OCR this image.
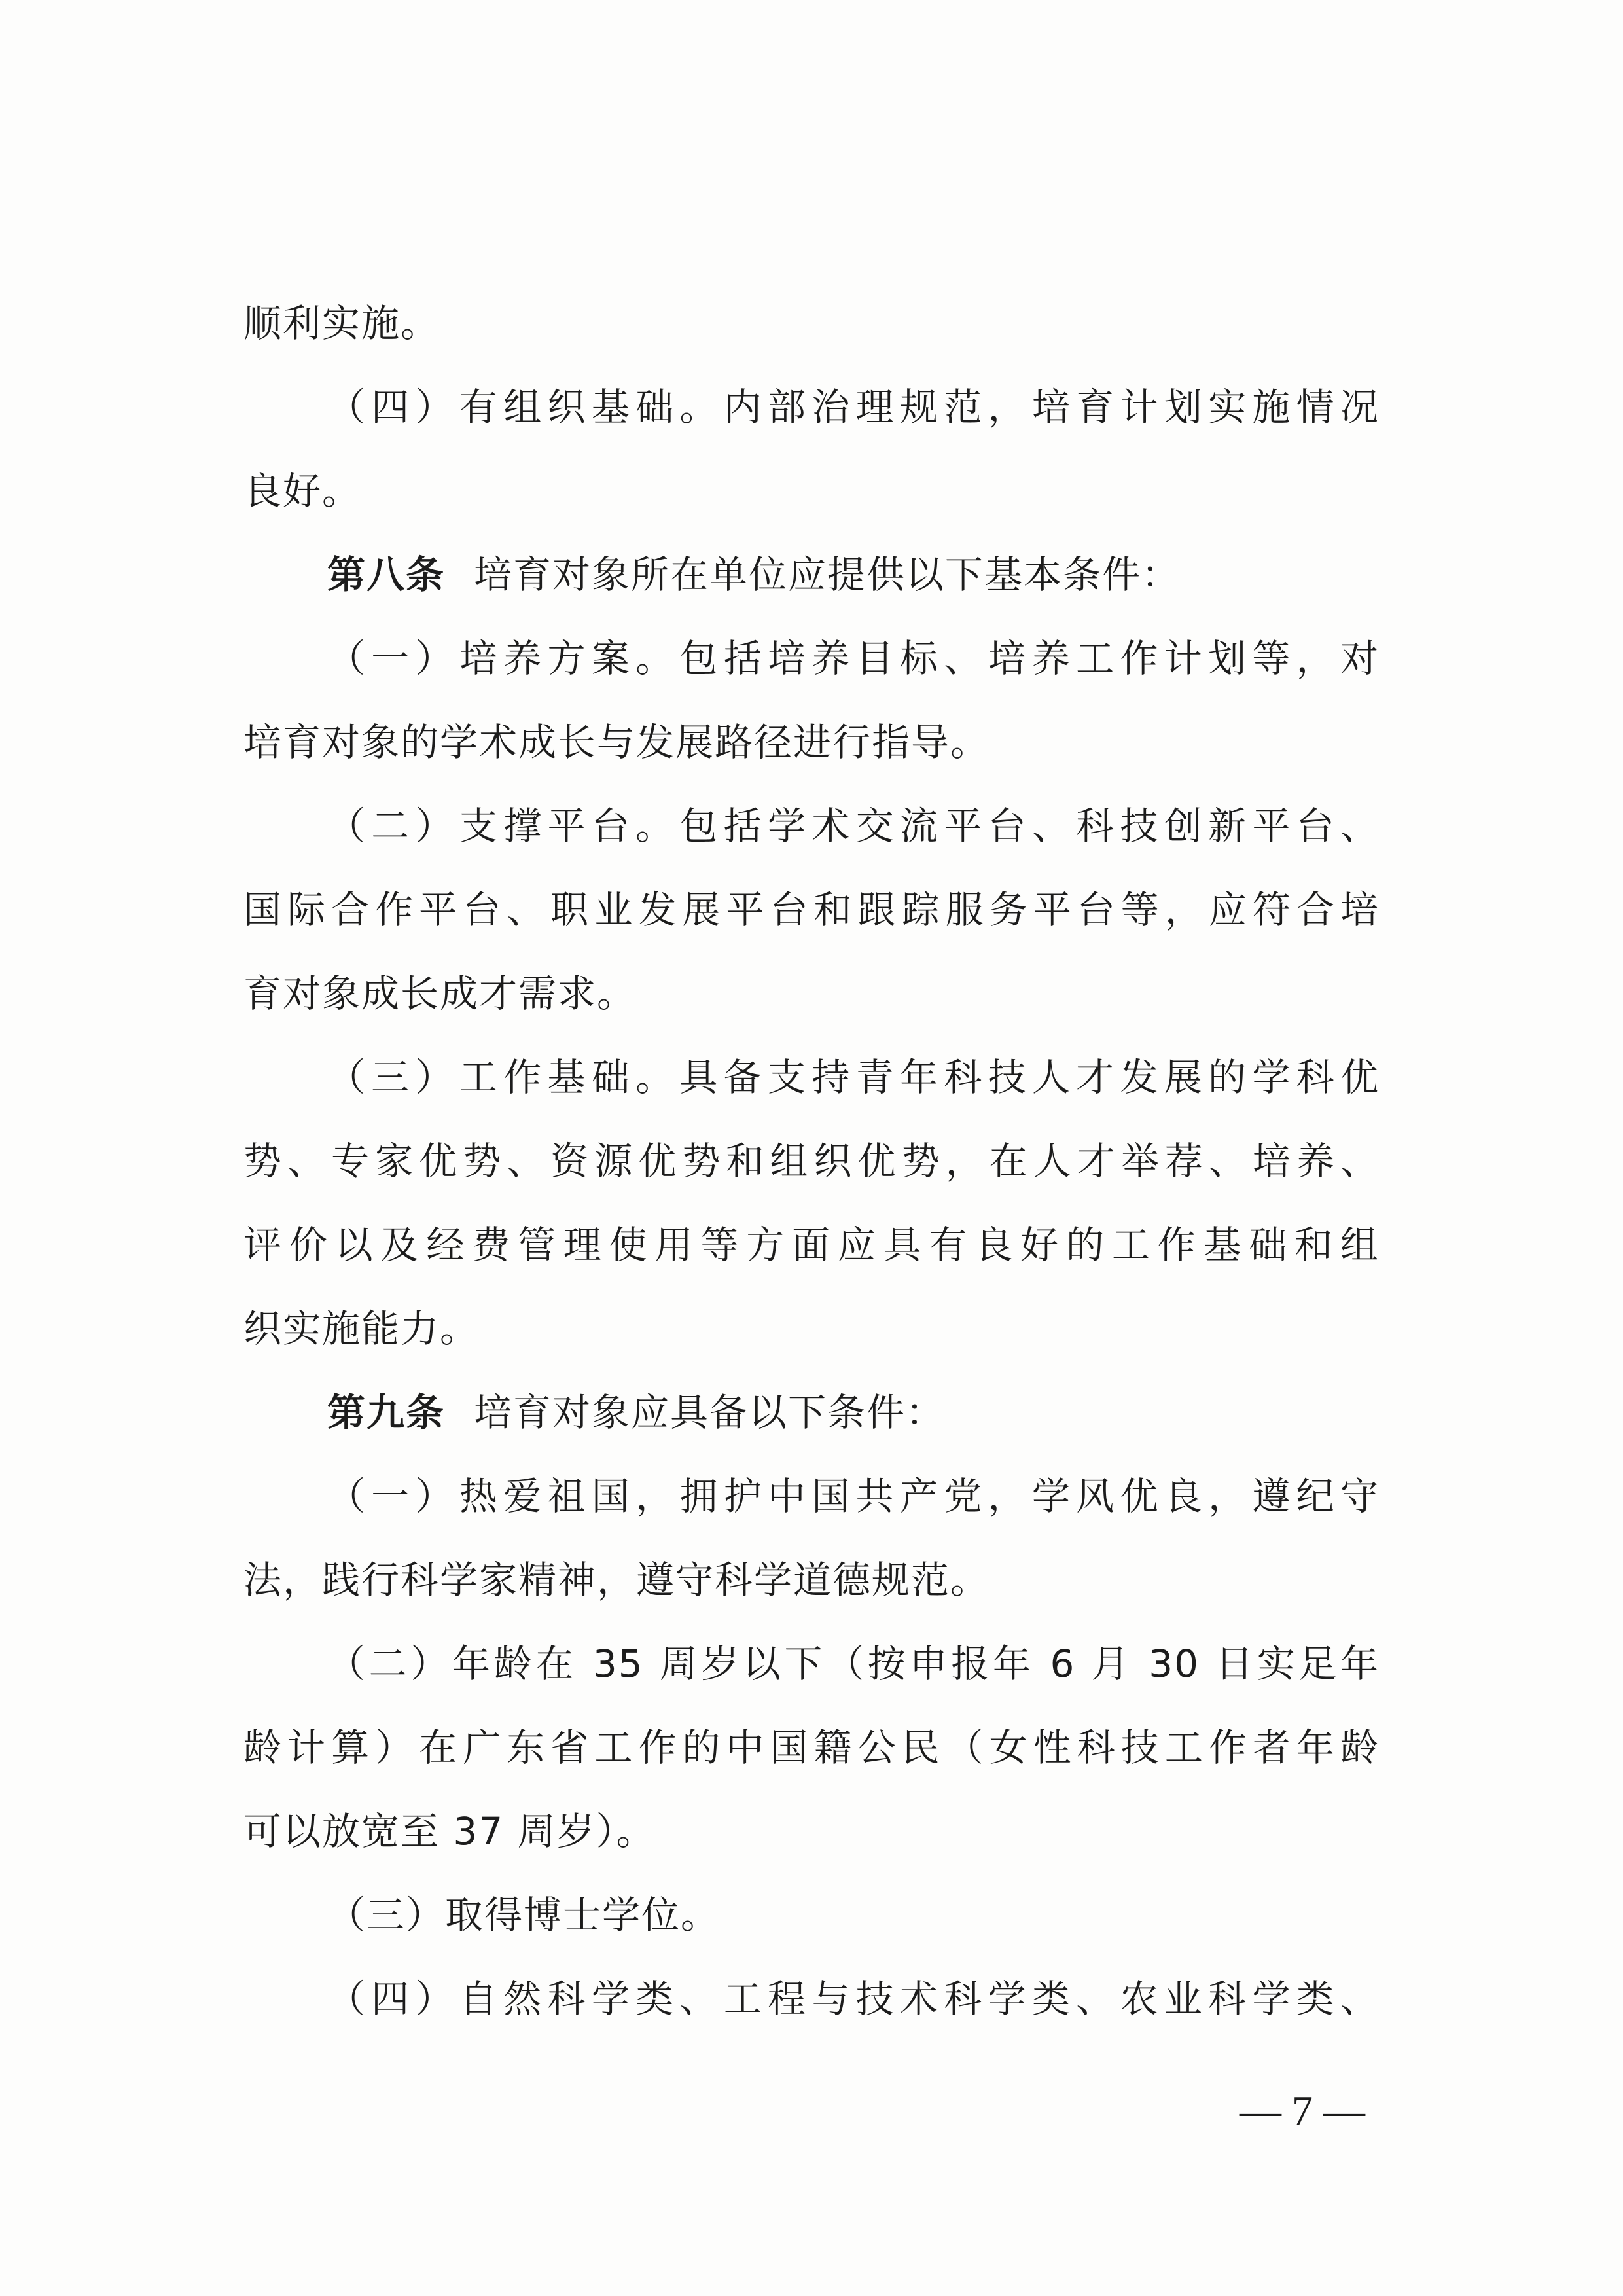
顺利实施。
（四）有组织基础。内部治理规范，培育计划实施情况
良好。
第八条 培育对象所在单位应提供以下基本条件：
（一）培养方案。包括培养目标、培养工作计划等，对
培育对象的学术成长与发展路径进行指导。
（二）支撑平台。包括学术交流平台、科技创新平台、
国际合作平台、职业发展平台和跟踪服务平台等，应符合培
育对象成长成才需求。
（三）工作基础。具备支持青年科技人才发展的学科优
势、专家优势、资源优势和组织优势，在人才举荐、培养、
评价以及经费管理使用等方面应具有良好的工作基础和组
织实施能力。
第九条 培育对象应具备以下条件：
（一）热爱祖国，拥护中国共产党，学风优良，遵纪守
法，践行科学家精神，遵守科学道德规范。
（二）年龄在 35 周岁以下（按申报年 6 月 30 日实足年
龄计算）在广东省工作的中国籍公民（女性科技工作者年龄
可以放宽至 37 周岁）。
（三）取得博士学位。
（四）自然科学类、工程与技术科学类、农业科学类、
— 7 —
